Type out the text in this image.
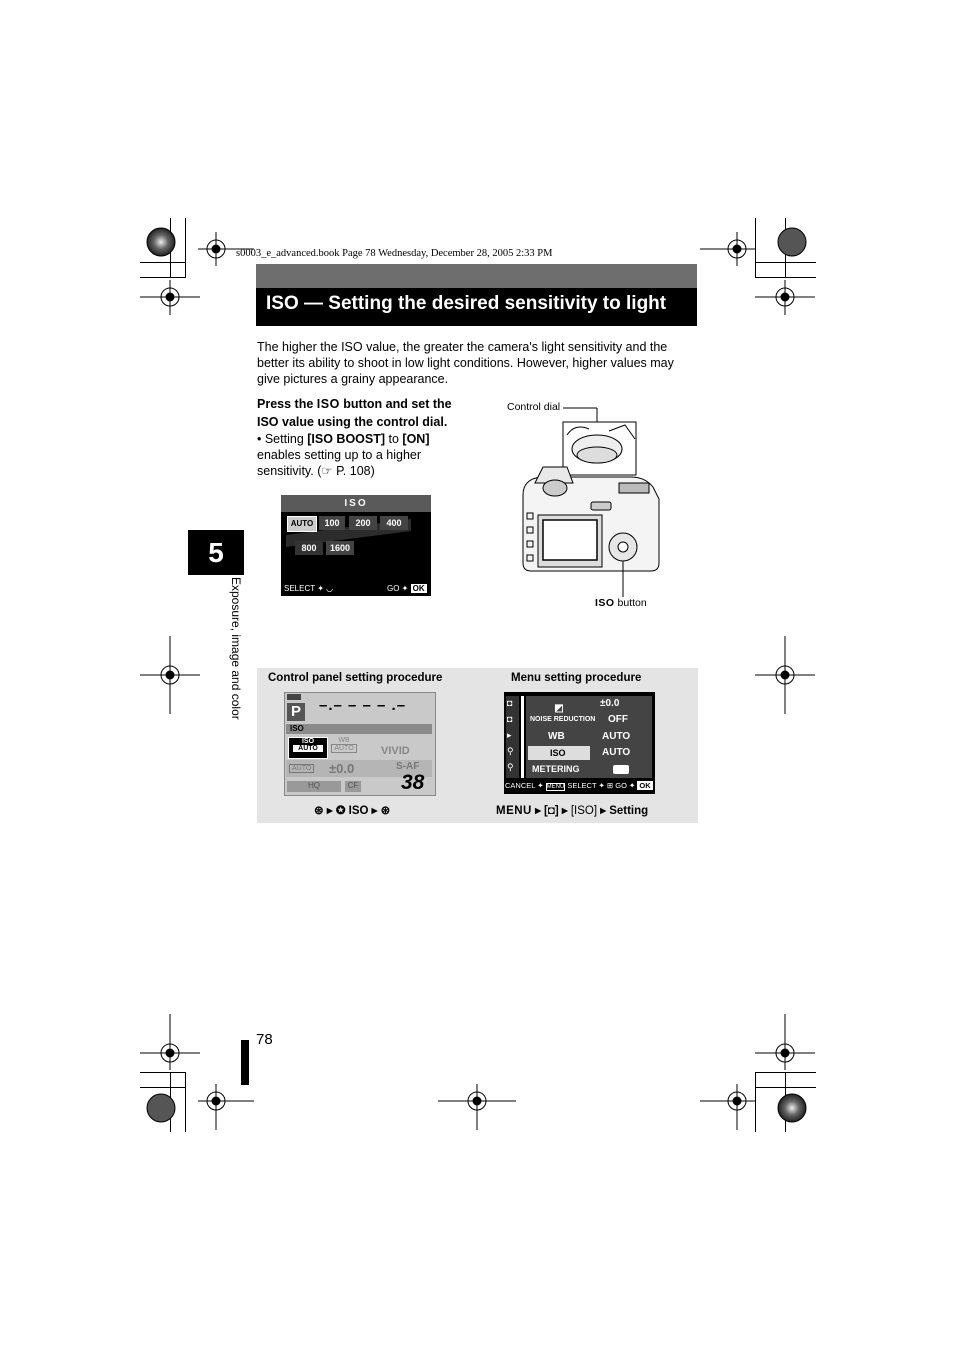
s0003_e_advanced.book Page 78 Wednesday, December 28, 2005 2:33 PM
ISO — Setting the desired sensitivity to light
The higher the ISO value, the greater the camera's light sensitivity and the better its ability to shoot in low light conditions. However, higher values may give pictures a grainy appearance.
Press the ISO button and set the ISO value using the control dial.
• Setting [ISO BOOST] to [ON] enables setting up to a higher sensitivity. (☞ P. 108)
ISO
AUTO	100	200	400
800	1600
SELECT ✦ ◡	GO ✦ OK
Control dial
ISO button
5
Exposure, image and color Control panel setting procedure	Menu setting procedure
P –.– – – – .–
ISO
ISO
AUTO
WB
AUTO	VIVID
AUTO ±0.0	S-AF
HQ	CF 38
⊛ ▸ ✪ ISO ▸ ⊛
◘
◘
▸
⚲
⚲
◩	±0.0
NOISE REDUCTION OFF
WB	AUTO
ISO	AUTO
METERING
CANCEL ✦ MENU SELECT ✦ ⊞ GO ✦ OK
MENU ▸ [◘] ▸ [ISO] ▸ Setting
78
